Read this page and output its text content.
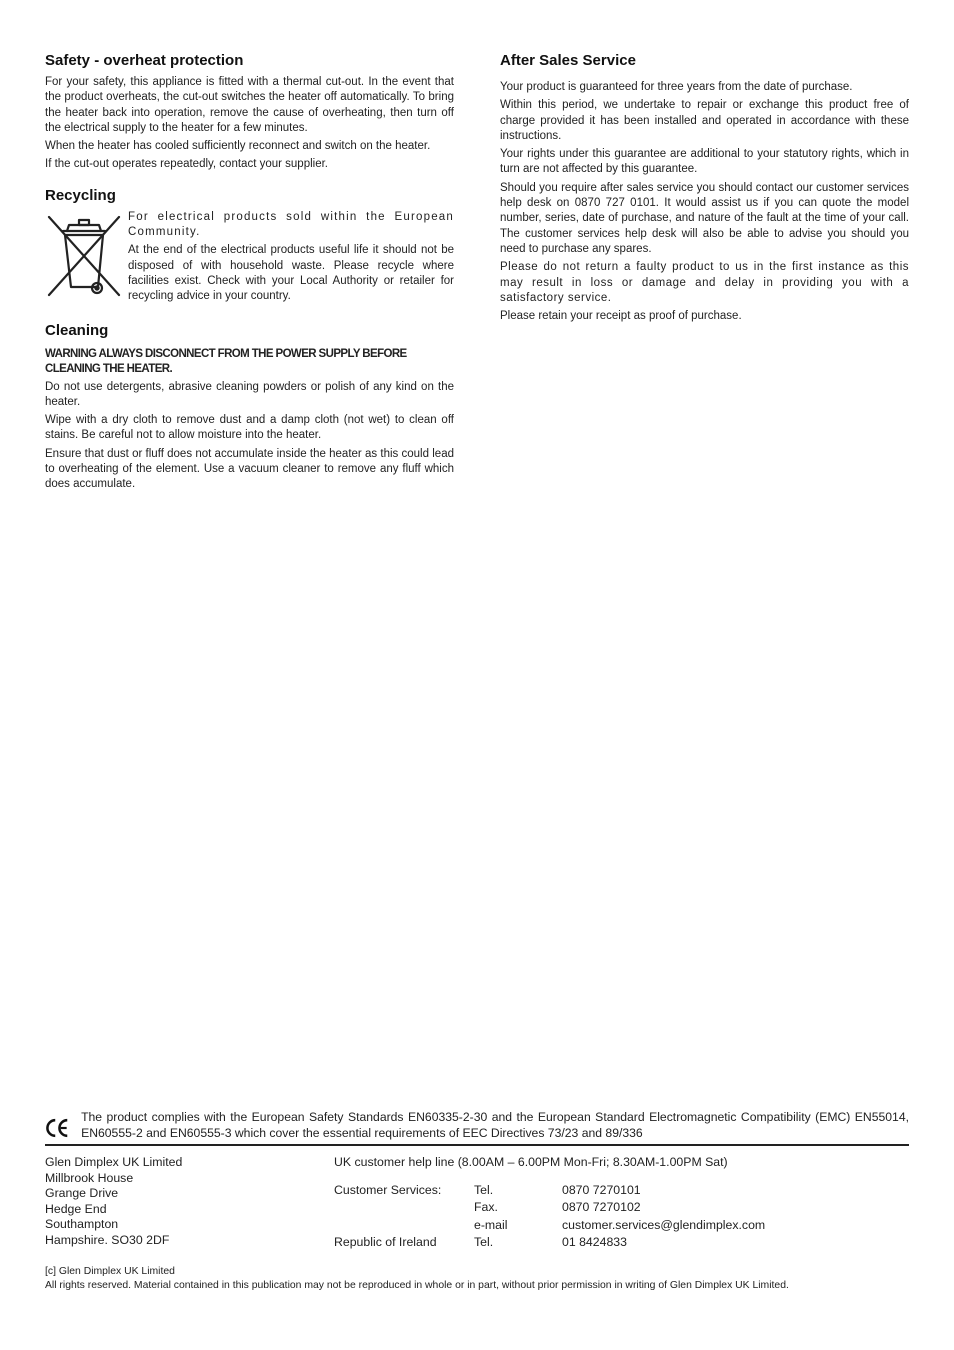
Safety - overheat protection

For your safety, this appliance is fitted with a thermal cut-out. In the event that the product overheats, the cut-out switches the heater off automatically. To bring the heater back into operation, remove the cause of overheating, then turn off the electrical supply to the heater for a few minutes.

When the heater has cooled sufficiently reconnect and switch on the heater.

If the cut-out operates repeatedly, contact your supplier.

Recycling

For electrical products sold within the European Community.

At the end of the electrical products useful life it should not be disposed of with household waste. Please recycle where facilities exist. Check with your Local Authority or retailer for recycling advice in your country.

Cleaning
WARNING ALWAYS DISCONNECT FROM THE POWER SUPPLY BEFORE CLEANING THE HEATER.

Do not use detergents, abrasive cleaning powders or polish of any kind on the heater.

Wipe with a dry cloth to remove dust and a damp cloth (not wet) to clean off stains. Be careful not to allow moisture into the heater.

Ensure that dust or fluff does not accumulate inside the heater as this could lead to overheating of the element. Use a vacuum cleaner to remove any fluff which does accumulate.

After Sales Service

Your product is guaranteed for three years from the date of purchase.

Within this period, we undertake to repair or exchange this product free of charge provided it has been installed and operated in accordance with these instructions.

Your rights under this guarantee are additional to your statutory rights, which in turn are not affected by this guarantee.

Should you require after sales service you should contact our customer services help desk on 0870 727 0101. It would assist us if you can quote the model number, series, date of purchase, and nature of the fault at the time of your call. The customer services help desk will also be able to advise you should you need to purchase any spares.

Please do not return a faulty product to us in the first instance as this may result in loss or damage and delay in providing you with a satisfactory service.

Please retain your receipt as proof of purchase.

The product complies with the European Safety Standards EN60335-2-30 and the European Standard Electromagnetic Compatibility (EMC) EN55014, EN60555-2 and EN60555-3 which cover the essential requirements of EEC Directives 73/23 and 89/336

Glen Dimplex UK Limited
Millbrook House
Grange Drive
Hedge End
Southampton
Hampshire. SO30 2DF
UK customer help line (8.00AM – 6.00PM Mon-Fri; 8.30AM-1.00PM Sat)
Customer Services:	Tel.	0870 7270101
Fax.	0870 7270102
e-mail	customer.services@glendimplex.com
Republic of Ireland	Tel.	01 8424833
[c] Glen Dimplex UK Limited
All rights reserved. Material contained in this publication may not be reproduced in whole or in part, without prior permission in writing of Glen Dimplex UK Limited.
